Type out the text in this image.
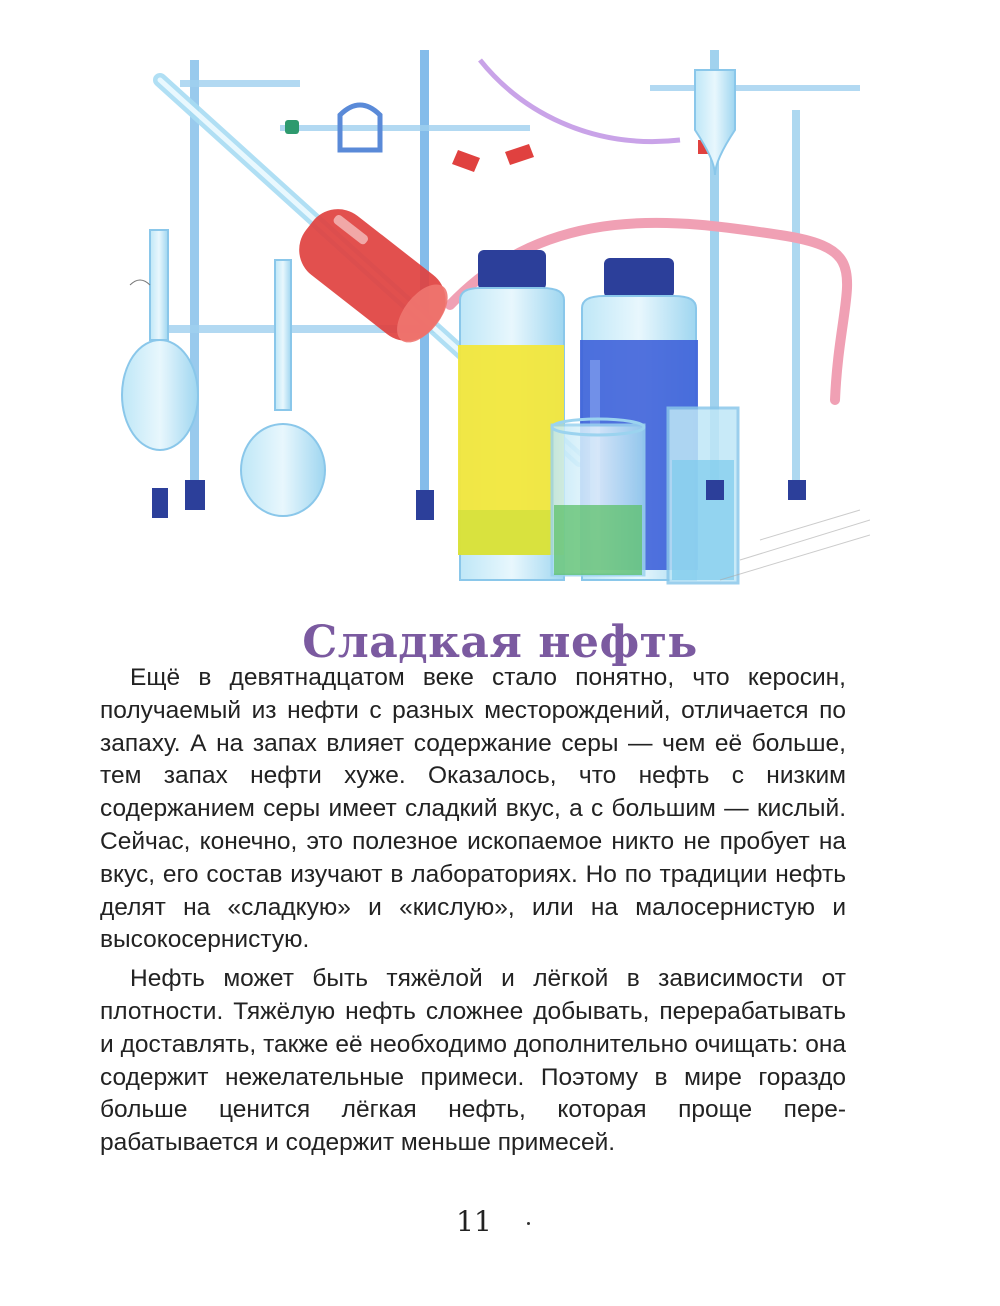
Сладкая нефть

Ещё в девятнадцатом веке стало понятно, что керосин, получаемый из нефти с разных месторождений, отличается по запаху. А на запах влияет содержание серы — чем её больше, тем запах нефти хуже. Оказалось, что нефть с низким содержанием серы имеет сладкий вкус, а с большим — кислый. Сейчас, конечно, это полезное ископаемое никто не пробует на вкус, его состав изучают в лабораториях. Но по традиции нефть делят на «сладкую» и «кислую», или на малосернистую и высокосернистую.

Нефть может быть тяжёлой и лёгкой в зависимости от плотности. Тяжёлую нефть сложнее добывать, перерабатывать и доставлять, также её необходимо дополнительно очищать: она содержит нежелательные примеси. Поэтому в мире гораздо больше ценится лёгкая нефть, которая проще перерабатывается и содержит меньше примесей.

11
